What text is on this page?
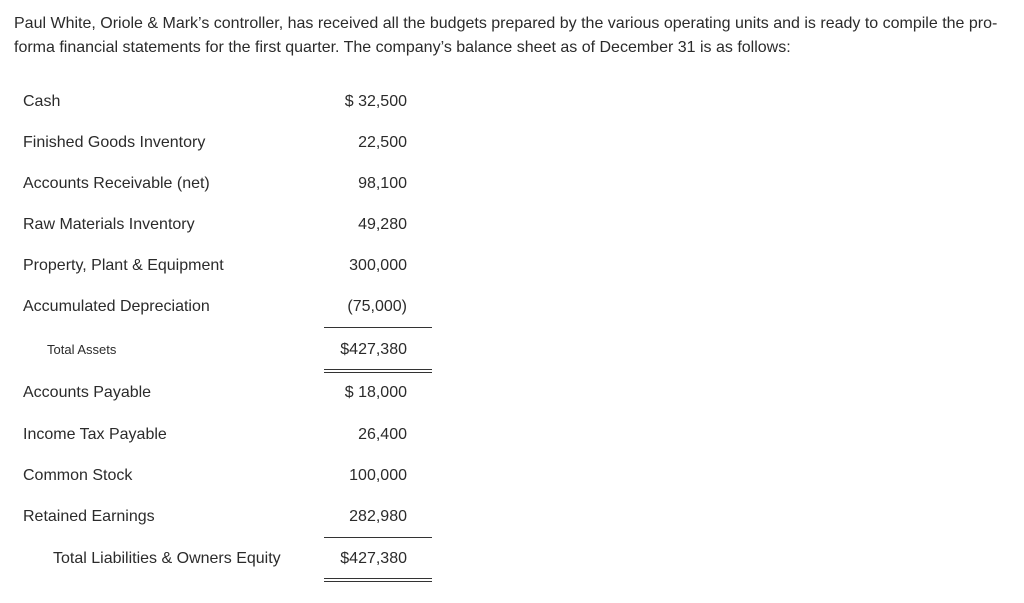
Paul White, Oriole & Mark’s controller, has received all the budgets prepared by the various operating units and is ready to compile the pro-forma financial statements for the first quarter. The company’s balance sheet as of December 31 is as follows:

Cash	$ 32,500
Finished Goods Inventory	22,500
Accounts Receivable (net)	98,100
Raw Materials Inventory	49,280
Property, Plant & Equipment	300,000
Accumulated Depreciation	(75,000)
Total Assets	$427,380
Accounts Payable	$ 18,000
Income Tax Payable	26,400
Common Stock	100,000
Retained Earnings	282,980
Total Liabilities & Owners Equity	$427,380
